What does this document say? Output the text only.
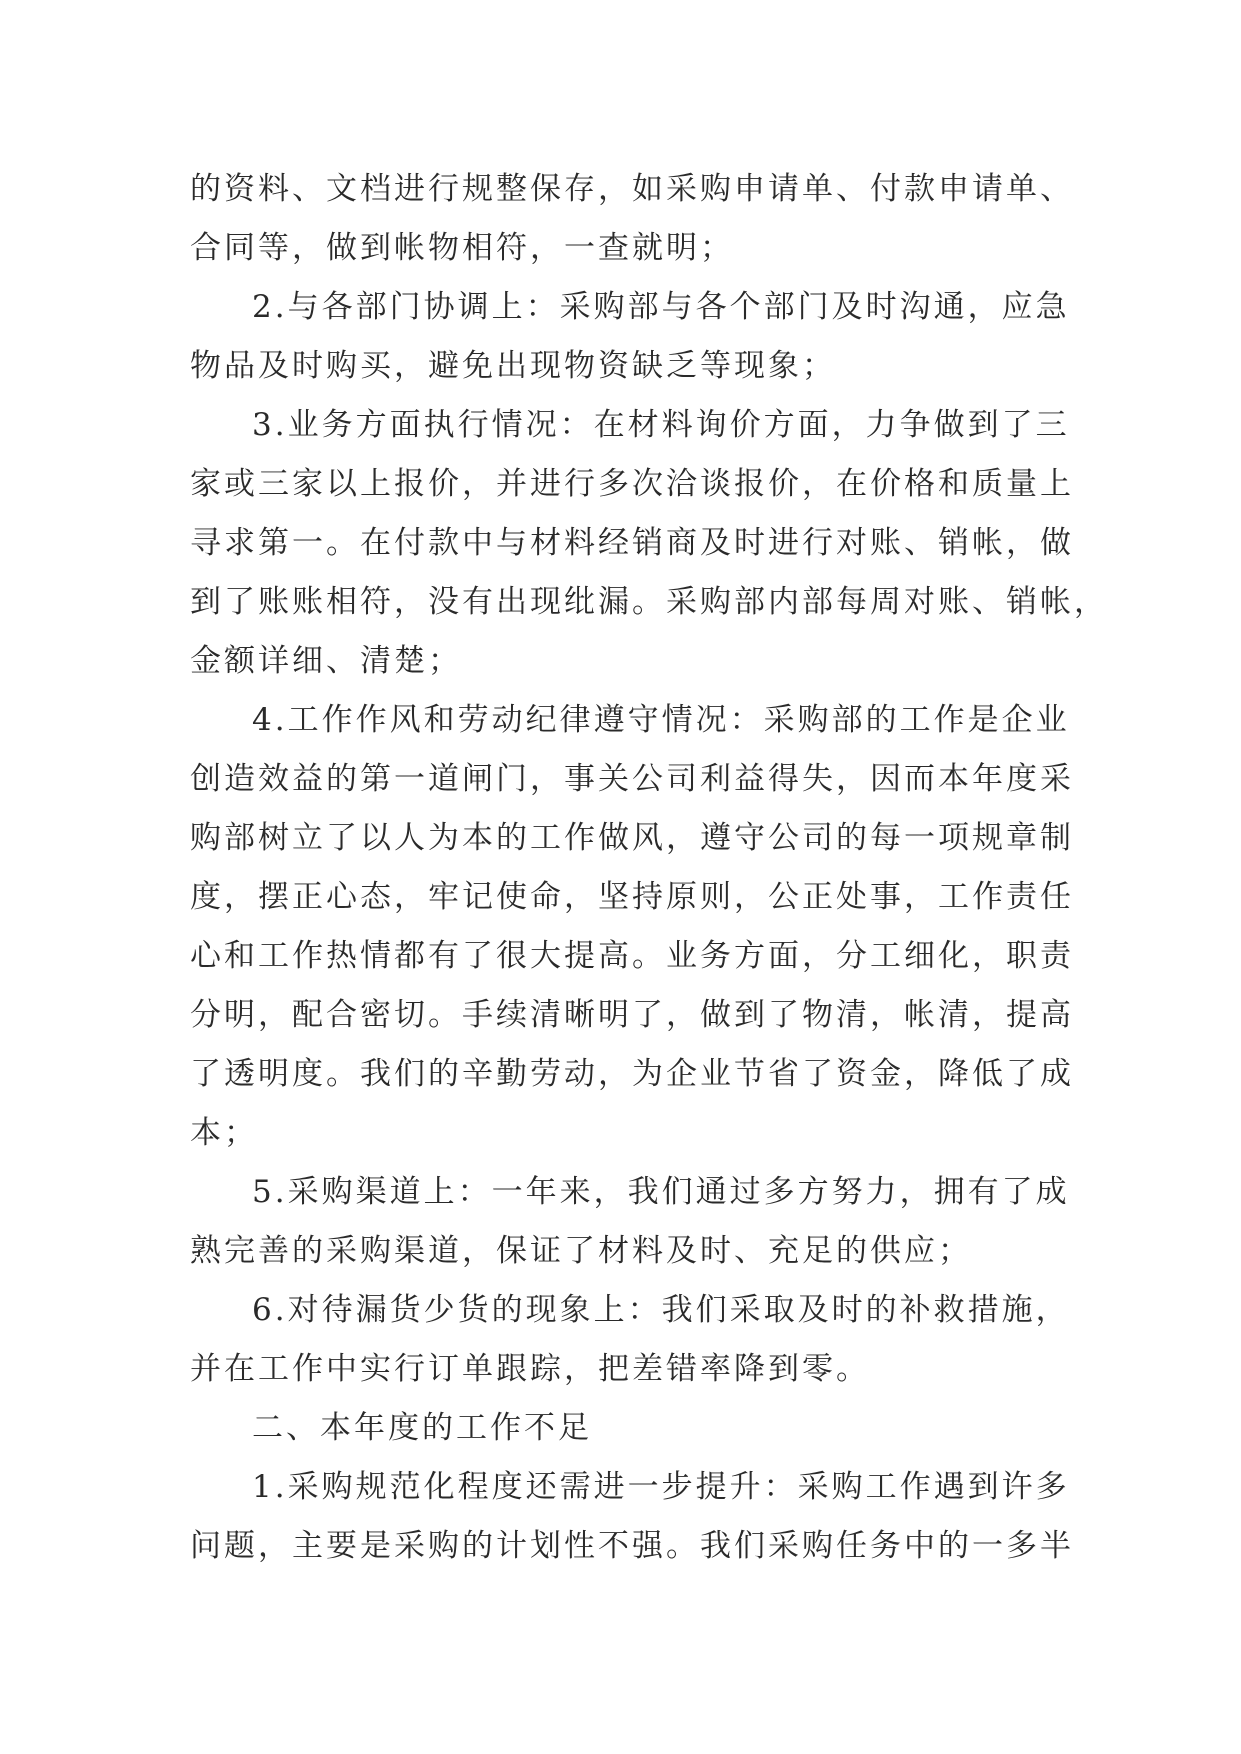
的资料、文档进行规整保存，如采购申请单、付款申请单、
合同等，做到帐物相符，一查就明；
2.与各部门协调上：采购部与各个部门及时沟通，应急
物品及时购买，避免出现物资缺乏等现象；
3.业务方面执行情况：在材料询价方面，力争做到了三
家或三家以上报价，并进行多次洽谈报价，在价格和质量上
寻求第一。在付款中与材料经销商及时进行对账、销帐，做
到了账账相符，没有出现纰漏。采购部内部每周对账、销帐，
金额详细、清楚；
4.工作作风和劳动纪律遵守情况：采购部的工作是企业
创造效益的第一道闸门，事关公司利益得失，因而本年度采
购部树立了以人为本的工作做风，遵守公司的每一项规章制
度，摆正心态，牢记使命，坚持原则，公正处事，工作责任
心和工作热情都有了很大提高。业务方面，分工细化，职责
分明，配合密切。手续清晰明了，做到了物清，帐清，提高
了透明度。我们的辛勤劳动，为企业节省了资金，降低了成
本；
5.采购渠道上：一年来，我们通过多方努力，拥有了成
熟完善的采购渠道，保证了材料及时、充足的供应；
6.对待漏货少货的现象上：我们采取及时的补救措施，
并在工作中实行订单跟踪，把差错率降到零。
二、本年度的工作不足
1.采购规范化程度还需进一步提升：采购工作遇到许多
问题，主要是采购的计划性不强。我们采购任务中的一多半
